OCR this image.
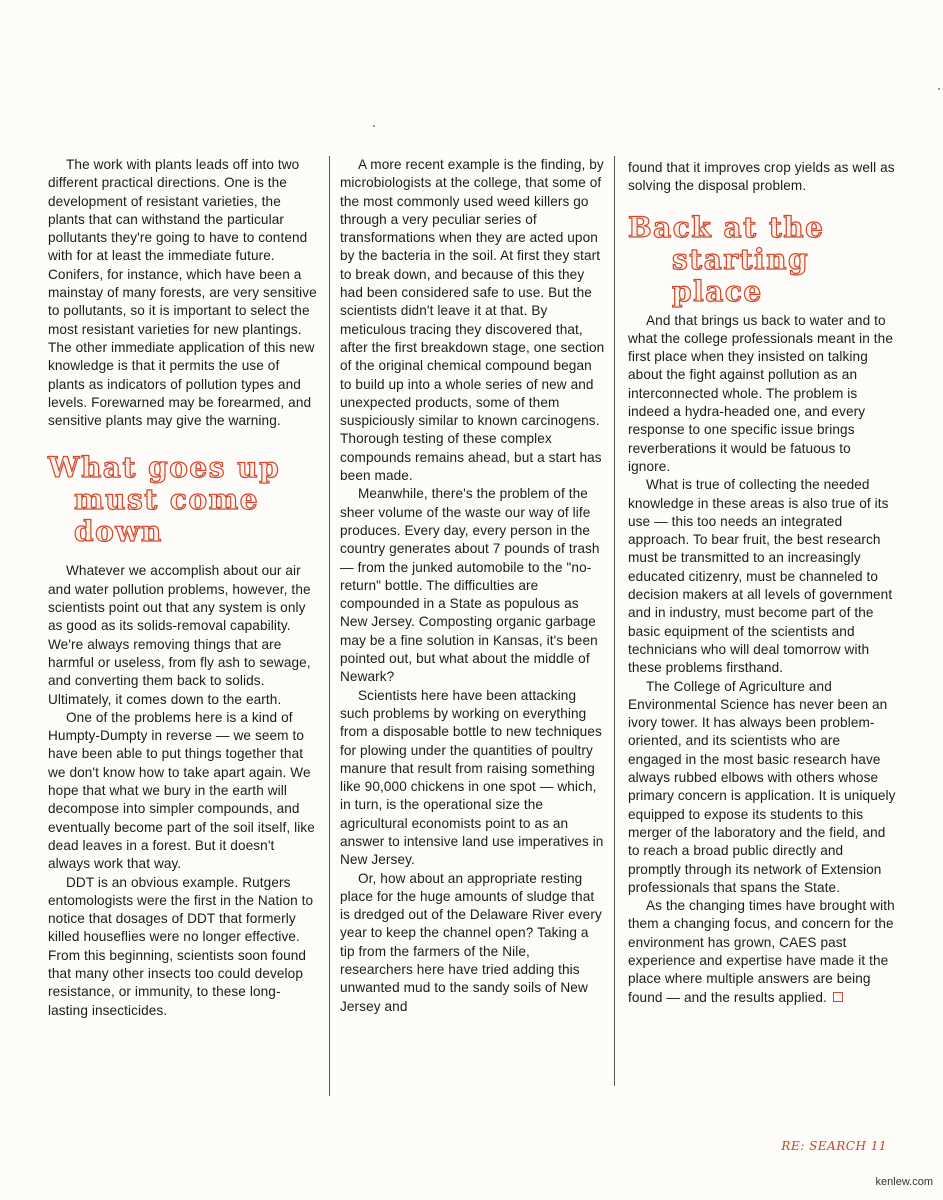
The work with plants leads off into two different practical directions. One is the development of resistant varieties, the plants that can withstand the particular pollutants they're going to have to contend with for at least the immediate future. Conifers, for instance, which have been a mainstay of many forests, are very sensitive to pollutants, so it is important to select the most resistant varieties for new plantings. The other immediate application of this new knowledge is that it permits the use of plants as indicators of pollution types and levels. Forewarned may be forearmed, and sensitive plants may give the warning.

What goes up
must come down

Whatever we accomplish about our air and water pollution problems, however, the scientists point out that any system is only as good as its solids-removal capability. We're always removing things that are harmful or useless, from fly ash to sewage, and converting them back to solids. Ultimately, it comes down to the earth.

One of the problems here is a kind of Humpty-Dumpty in reverse — we seem to have been able to put things together that we don't know how to take apart again. We hope that what we bury in the earth will decompose into simpler compounds, and eventually become part of the soil itself, like dead leaves in a forest. But it doesn't always work that way.

DDT is an obvious example. Rutgers entomologists were the first in the Nation to notice that dosages of DDT that formerly killed houseflies were no longer effective. From this beginning, scientists soon found that many other insects too could develop resistance, or immunity, to these long-lasting insecticides.

A more recent example is the finding, by microbiologists at the college, that some of the most commonly used weed killers go through a very peculiar series of transformations when they are acted upon by the bacteria in the soil. At first they start to break down, and because of this they had been considered safe to use. But the scientists didn't leave it at that. By meticulous tracing they discovered that, after the first breakdown stage, one section of the original chemical compound began to build up into a whole series of new and unexpected products, some of them suspiciously similar to known carcinogens. Thorough testing of these complex compounds remains ahead, but a start has been made.

Meanwhile, there's the problem of the sheer volume of the waste our way of life produces. Every day, every person in the country generates about 7 pounds of trash — from the junked automobile to the "no-return" bottle. The difficulties are compounded in a State as populous as New Jersey. Composting organic garbage may be a fine solution in Kansas, it's been pointed out, but what about the middle of Newark?

Scientists here have been attacking such problems by working on everything from a disposable bottle to new techniques for plowing under the quantities of poultry manure that result from raising something like 90,000 chickens in one spot — which, in turn, is the operational size the agricultural economists point to as an answer to intensive land use imperatives in New Jersey.

Or, how about an appropriate resting place for the huge amounts of sludge that is dredged out of the Delaware River every year to keep the channel open? Taking a tip from the farmers of the Nile, researchers here have tried adding this unwanted mud to the sandy soils of New Jersey and

found that it improves crop yields as well as solving the disposal problem.

Back at the
starting place

And that brings us back to water and to what the college professionals meant in the first place when they insisted on talking about the fight against pollution as an interconnected whole. The problem is indeed a hydra-headed one, and every response to one specific issue brings reverberations it would be fatuous to ignore.

What is true of collecting the needed knowledge in these areas is also true of its use — this too needs an integrated approach. To bear fruit, the best research must be transmitted to an increasingly educated citizenry, must be channeled to decision makers at all levels of government and in industry, must become part of the basic equipment of the scientists and technicians who will deal tomorrow with these problems firsthand.

The College of Agriculture and Environmental Science has never been an ivory tower. It has always been problem-oriented, and its scientists who are engaged in the most basic research have always rubbed elbows with others whose primary concern is application. It is uniquely equipped to expose its students to this merger of the laboratory and the field, and to reach a broad public directly and promptly through its network of Extension professionals that spans the State.

As the changing times have brought with them a changing focus, and concern for the environment has grown, CAES past experience and expertise have made it the place where multiple answers are being found — and the results applied.

RE: SEARCH 11
kenlew.com
